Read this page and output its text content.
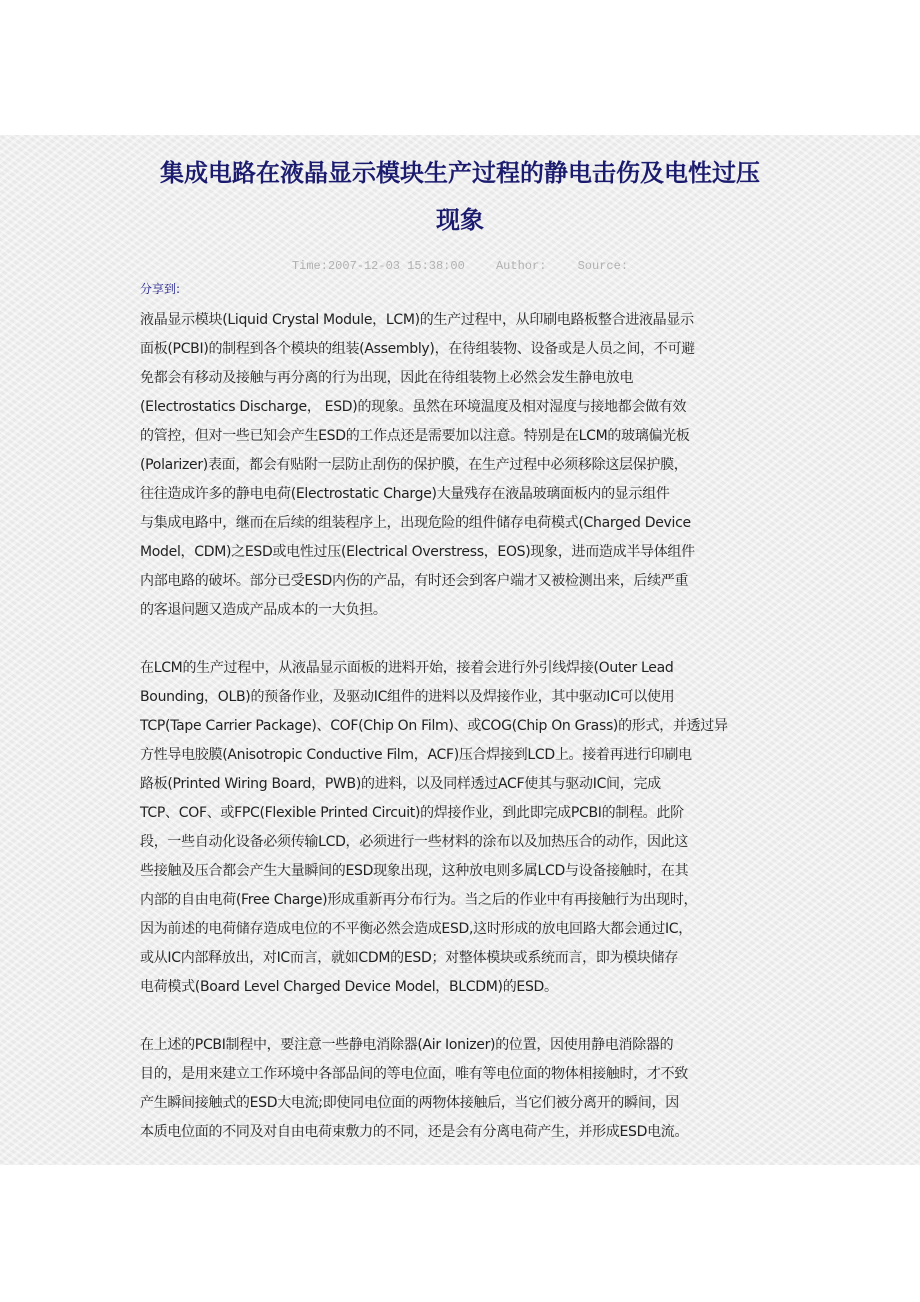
集成电路在液晶显示模块生产过程的静电击伤及电性过压
现象
Time:2007-12-03 15:38:00	Author:	Source:
分享到:
液晶显示模块(Liquid Crystal Module，LCM)的生产过程中，从印刷电路板整合进液晶显示
面板(PCBI)的制程到各个模块的组装(Assembly)，在待组装物、设备或是人员之间，不可避
免都会有移动及接触与再分离的行为出现，因此在待组装物上必然会发生静电放电
(Electrostatics Discharge， ESD)的现象。虽然在环境温度及相对湿度与接地都会做有效
的管控，但对一些已知会产生ESD的工作点还是需要加以注意。特别是在LCM的玻璃偏光板
(Polarizer)表面，都会有贴附一层防止刮伤的保护膜，在生产过程中必须移除这层保护膜，
往往造成许多的静电电荷(Electrostatic Charge)大量残存在液晶玻璃面板内的显示组件
与集成电路中，继而在后续的组装程序上，出现危险的组件储存电荷模式(Charged Device
Model，CDM)之ESD或电性过压(Electrical Overstress，EOS)现象，进而造成半导体组件
内部电路的破坏。部分已受ESD内伤的产品，有时还会到客户端才又被检测出来，后续严重
的客退问题又造成产品成本的一大负担。
在LCM的生产过程中，从液晶显示面板的进料开始，接着会进行外引线焊接(Outer Lead
Bounding，OLB)的预备作业，及驱动IC组件的进料以及焊接作业，其中驱动IC可以使用
TCP(Tape Carrier Package)、COF(Chip On Film)、或COG(Chip On Grass)的形式，并透过异
方性导电胶膜(Anisotropic Conductive Film，ACF)压合焊接到LCD上。接着再进行印刷电
路板(Printed Wiring Board，PWB)的进料，以及同样透过ACF使其与驱动IC间，完成
TCP、COF、或FPC(Flexible Printed Circuit)的焊接作业，到此即完成PCBI的制程。此阶
段，一些自动化设备必须传输LCD，必须进行一些材料的涂布以及加热压合的动作，因此这
些接触及压合都会产生大量瞬间的ESD现象出现，这种放电则多属LCD与设备接触时，在其
内部的自由电荷(Free Charge)形成重新再分布行为。当之后的作业中有再接触行为出现时，
因为前述的电荷储存造成电位的不平衡必然会造成ESD,这时形成的放电回路大都会通过IC，
或从IC内部释放出，对IC而言，就如CDM的ESD；对整体模块或系统而言，即为模块储存
电荷模式(Board Level Charged Device Model，BLCDM)的ESD。
在上述的PCBI制程中，要注意一些静电消除器(Air Ionizer)的位置，因使用静电消除器的
目的，是用来建立工作环境中各部品间的等电位面，唯有等电位面的物体相接触时，才不致
产生瞬间接触式的ESD大电流;即使同电位面的两物体接触后，当它们被分离开的瞬间，因
本质电位面的不同及对自由电荷束敷力的不同，还是会有分离电荷产生，并形成ESD电流。
